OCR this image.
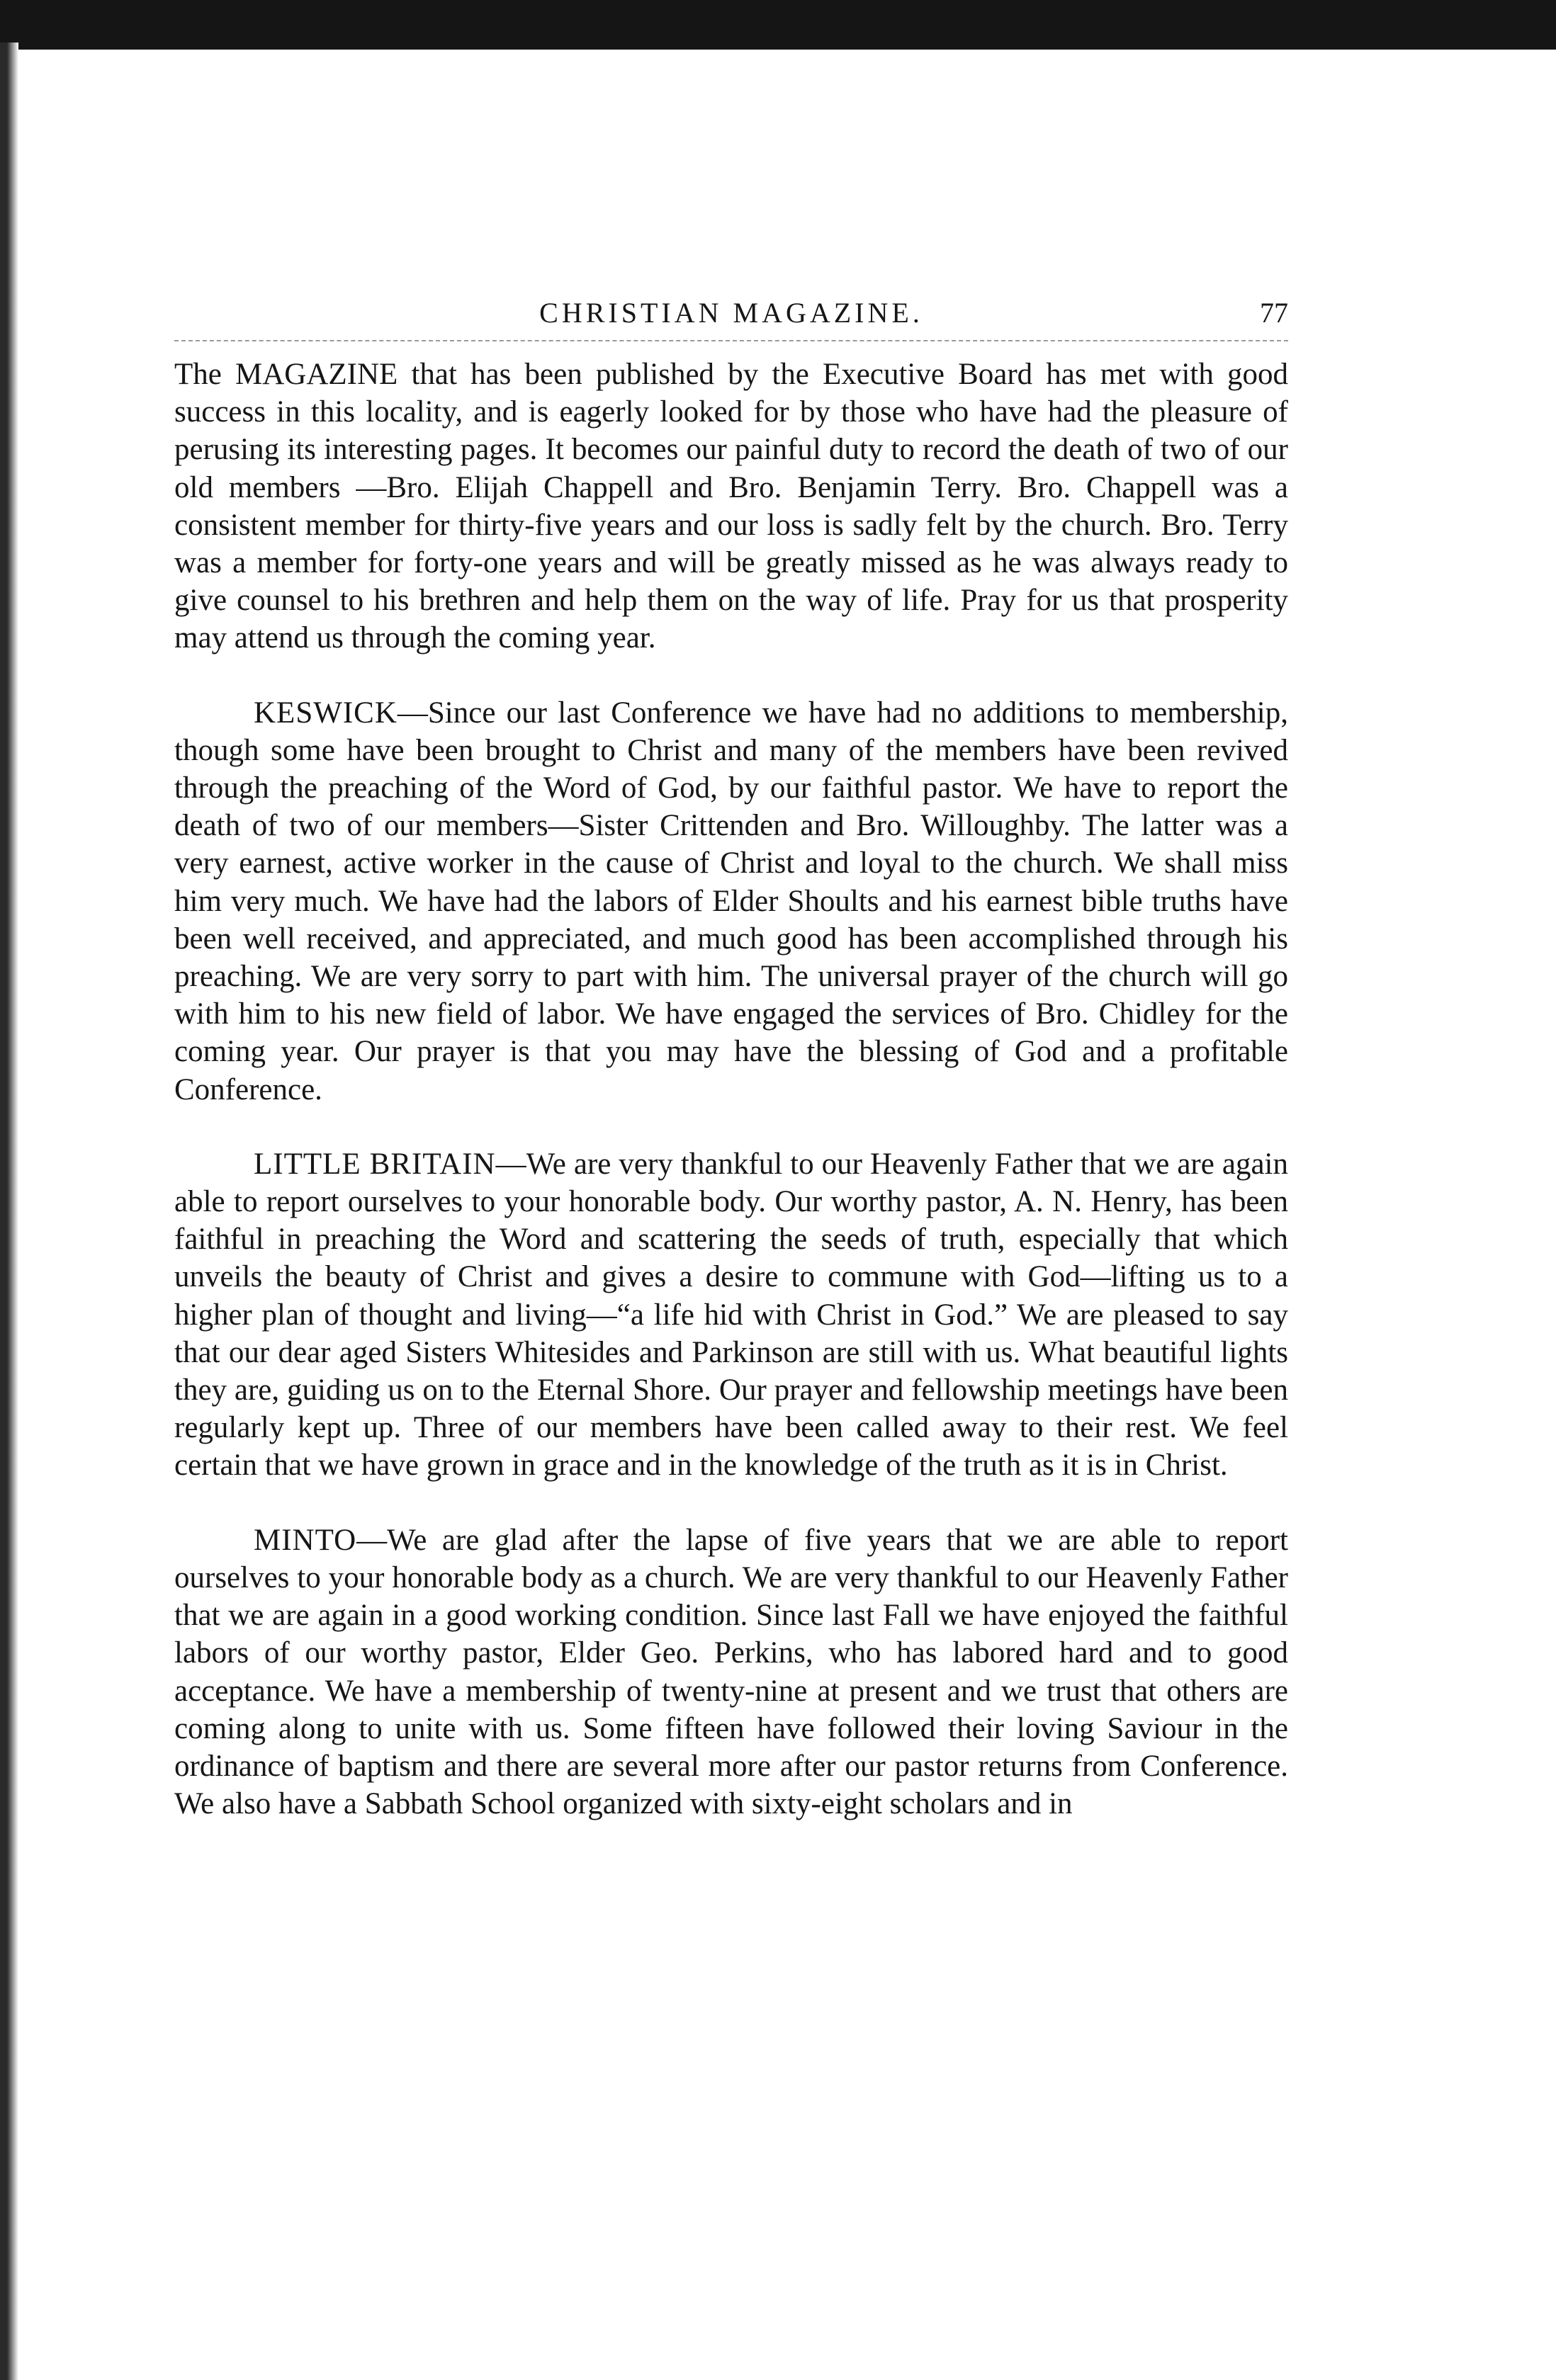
CHRISTIAN MAGAZINE.	77

The MAGAZINE that has been published by the Executive Board has met with good success in this locality, and is eagerly looked for by those who have had the pleasure of perusing its interesting pages. It becomes our painful duty to record the death of two of our old members —Bro. Elijah Chappell and Bro. Benjamin Terry. Bro. Chappell was a consistent member for thirty-five years and our loss is sadly felt by the church. Bro. Terry was a member for forty-one years and will be greatly missed as he was always ready to give counsel to his brethren and help them on the way of life. Pray for us that prosperity may attend us through the coming year.

KESWICK—Since our last Conference we have had no additions to membership, though some have been brought to Christ and many of the members have been revived through the preaching of the Word of God, by our faithful pastor. We have to report the death of two of our members—Sister Crittenden and Bro. Willoughby. The latter was a very earnest, active worker in the cause of Christ and loyal to the church. We shall miss him very much. We have had the labors of Elder Shoults and his earnest bible truths have been well received, and appreciated, and much good has been accomplished through his preaching. We are very sorry to part with him. The universal prayer of the church will go with him to his new field of labor. We have engaged the services of Bro. Chidley for the coming year. Our prayer is that you may have the blessing of God and a profitable Conference.

LITTLE BRITAIN—We are very thankful to our Heavenly Father that we are again able to report ourselves to your honorable body. Our worthy pastor, A. N. Henry, has been faithful in preaching the Word and scattering the seeds of truth, especially that which unveils the beauty of Christ and gives a desire to commune with God—lifting us to a higher plan of thought and living—“a life hid with Christ in God.” We are pleased to say that our dear aged Sisters Whitesides and Parkinson are still with us. What beautiful lights they are, guiding us on to the Eternal Shore. Our prayer and fellowship meetings have been regularly kept up. Three of our members have been called away to their rest. We feel certain that we have grown in grace and in the knowledge of the truth as it is in Christ.

MINTO—We are glad after the lapse of five years that we are able to report ourselves to your honorable body as a church. We are very thankful to our Heavenly Father that we are again in a good working condition. Since last Fall we have enjoyed the faithful labors of our worthy pastor, Elder Geo. Perkins, who has labored hard and to good acceptance. We have a membership of twenty-nine at present and we trust that others are coming along to unite with us. Some fifteen have followed their loving Saviour in the ordinance of baptism and there are several more after our pastor returns from Conference. We also have a Sabbath School organized with sixty-eight scholars and in
